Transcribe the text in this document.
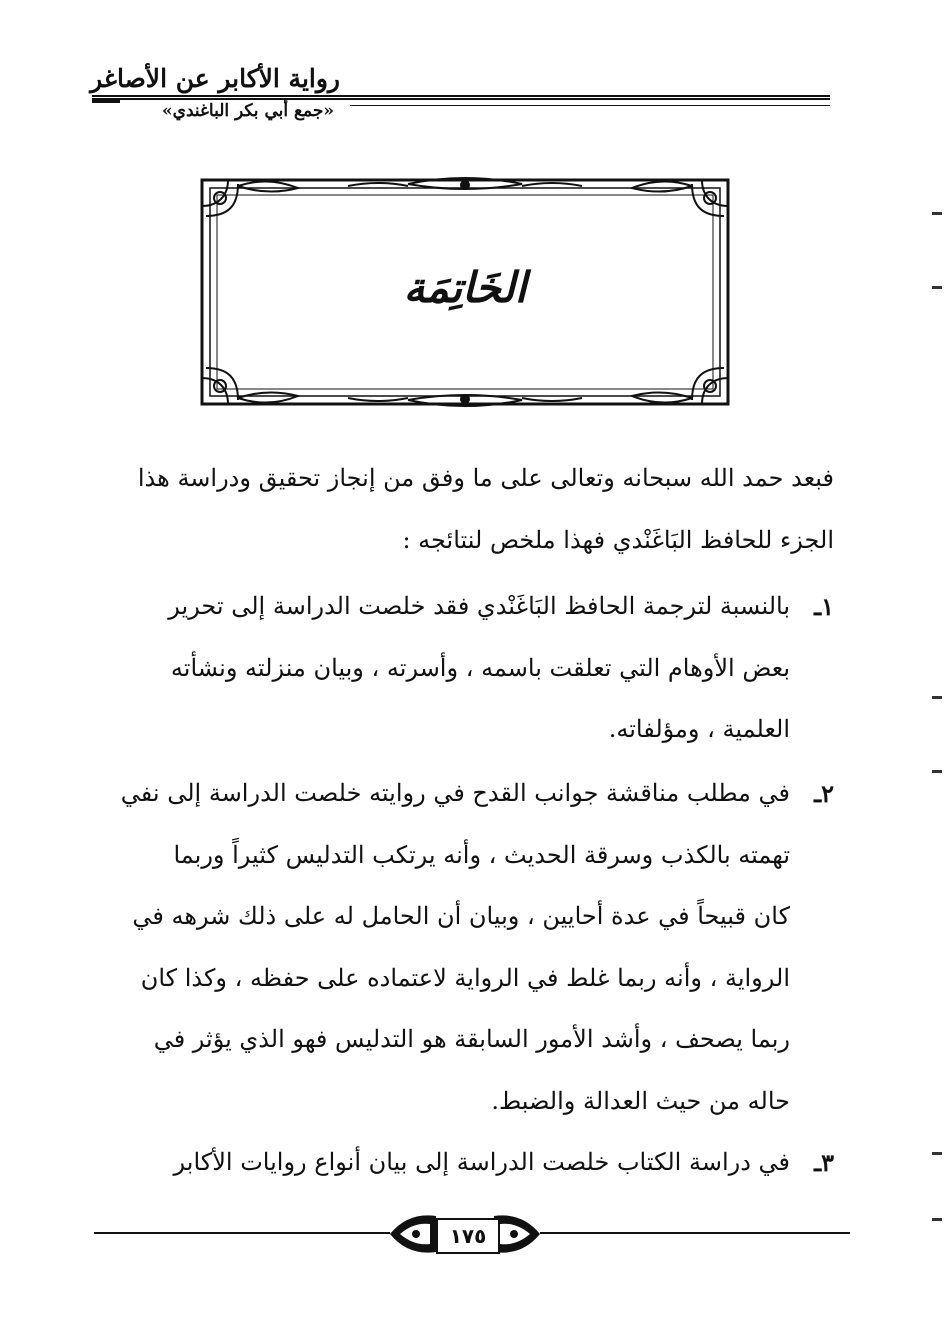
رواية الأكابر عن الأصاغر
«جمع أبي بكر الباغندي»
الخَاتِمَة
فبعد حمد الله سبحانه وتعالى على ما وفق من إنجاز تحقيق ودراسة هذا
الجزء للحافظ البَاغَنْدي فهذا ملخص لنتائجه :
١ـ
بالنسبة لترجمة الحافظ البَاغَنْدي فقد خلصت الدراسة إلى تحرير
بعض الأوهام التي تعلقت باسمه ، وأسرته ، وبيان منزلته ونشأته
العلمية ، ومؤلفاته.
٢ـ
في مطلب مناقشة جوانب القدح في روايته خلصت الدراسة إلى نفي
تهمته بالكذب وسرقة الحديث ، وأنه يرتكب التدليس كثيراً وربما
كان قبيحاً في عدة أحايين ، وبيان أن الحامل له على ذلك شرهه في
الرواية ، وأنه ربما غلط في الرواية لاعتماده على حفظه ، وكذا كان
ربما يصحف ، وأشد الأمور السابقة هو التدليس فهو الذي يؤثر في
حاله من حيث العدالة والضبط.
٣ـ
في دراسة الكتاب خلصت الدراسة إلى بيان أنواع روايات الأكابر
١٧٥
